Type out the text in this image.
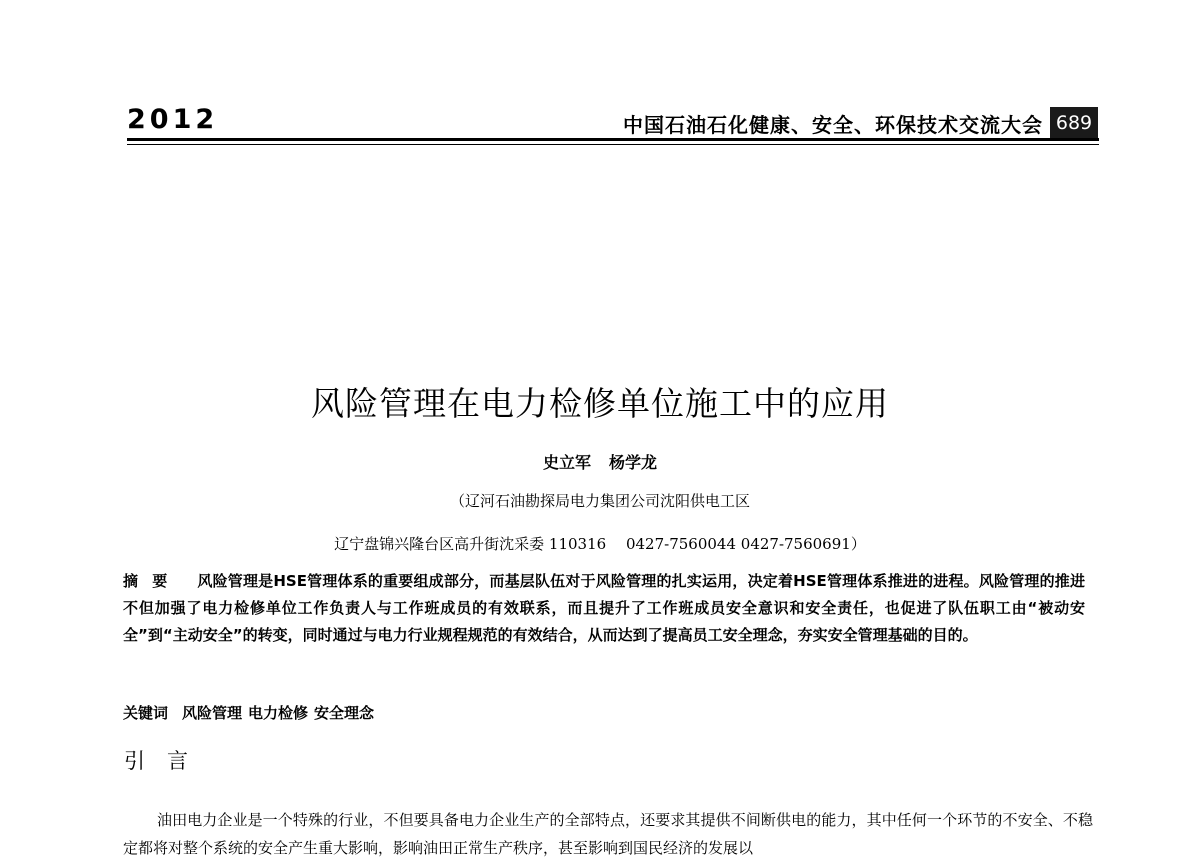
2012	中国石油石化健康、安全、环保技术交流大会 689
风险管理在电力检修单位施工中的应用
史立军 杨学龙
（辽河石油勘探局电力集团公司沈阳供电工区
辽宁盘锦兴隆台区高升街沈采委 110316　 0427-7560044 0427-7560691）
摘要 风险管理是HSE管理体系的重要组成部分，而基层队伍对于风险管理的扎实运用，决定着HSE管理体系推进的进程。风险管理的推进不但加强了电力检修单位工作负责人与工作班成员的有效联系，而且提升了工作班成员安全意识和安全责任，也促进了队伍职工由“被动安全”到“主动安全”的转变，同时通过与电力行业规程规范的有效结合，从而达到了提高员工安全理念，夯实安全管理基础的目的。
关键词 风险管理 电力检修 安全理念
引言
油田电力企业是一个特殊的行业，不但要具备电力企业生产的全部特点，还要求其提供不间断供电的能力，其中任何一个环节的不安全、不稳定都将对整个系统的安全产生重大影响，影响油田正常生产秩序，甚至影响到国民经济的发展以
